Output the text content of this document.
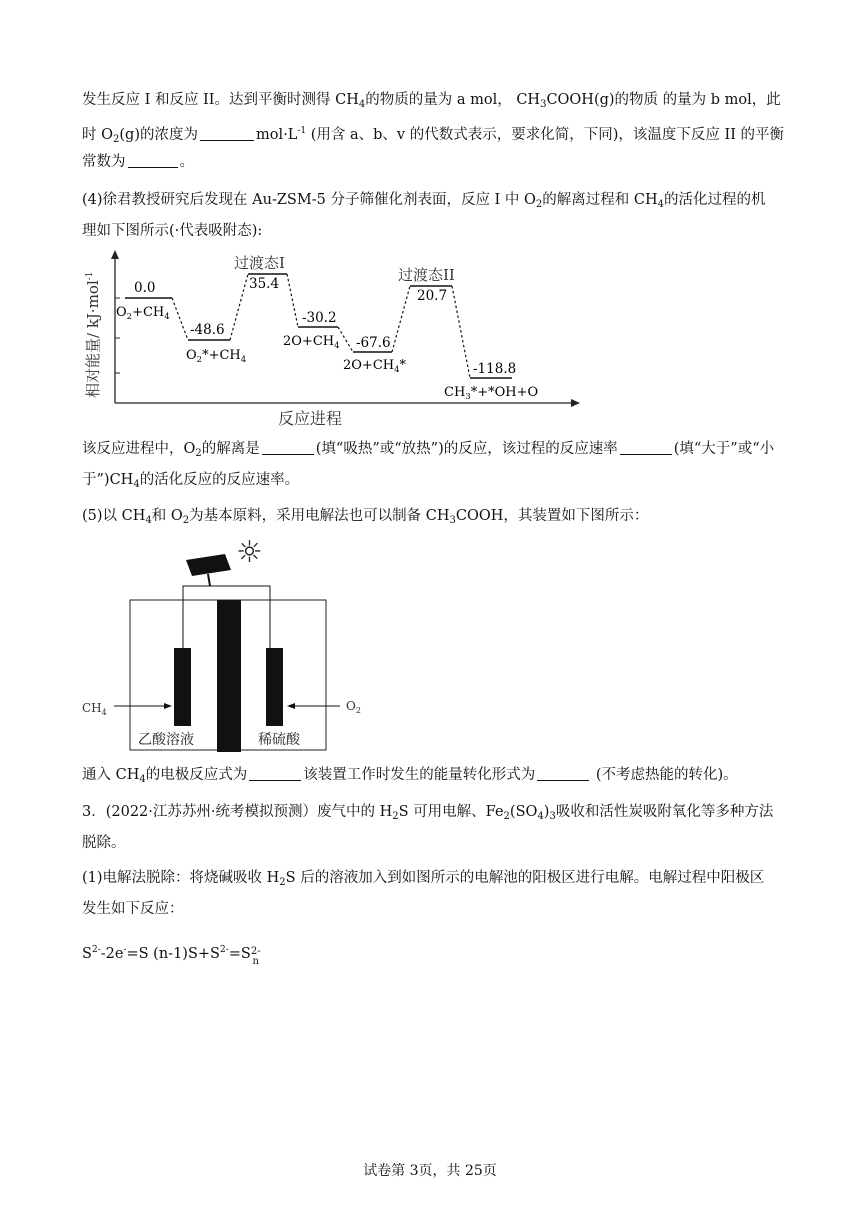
发生反应 I 和反应 II。达到平衡时测得 $CH_4$的物质的量为 a mol， $CH_3COOH(g)$的物质 的量为 b mol，此
时 $O_2(g)$的浓度为	$mol\cdot L^{-1}$ (用含 a、b、v 的代数式表示，要求化简，下同)，该温度下反应 II 的平衡
常数为	。
(4)徐君教授研究后发现在 Au-ZSM-5 分子筛催化剂表面，反应 I 中 $O_2$的解离过程和 $CH_4$的活化过程的机
理如下图所示(·代表吸附态):
相对能量/ kJ·mol$^{-1}$
反应进程
0.0
-48.6
35.4
-30.2
-67.6
20.7
-118.8
$O_2+CH_4$
$O_2*+CH_4$
过渡态I
$2O+CH_4$
$2O+CH_4*$
过渡态II
$CH_3*+*OH+O$
该反应进程中，$O_2$的解离是	(填“吸热”或“放热”)的反应，该过程的反应速率	(填“大于”或“小
于$”)CH_4$的活化反应的反应速率。
(5)以 $CH_4$和 $O_2$为基本原料，采用电解法也可以制备 $CH_3COOH$，其装置如下图所示：
☼
$CH_4$	$O_2$
乙酸溶液	稀硫酸
通入 $CH_4$的电极反应式为	该装置工作时发生的能量转化形式为	(不考虑热能的转化)。
3．(2022·江苏苏州·统考模拟预测）废气中的 $H_2S$ 可用电解、$Fe_2(SO_4)_3$吸收和活性炭吸附氧化等多种方法
脱除。
(1)电解法脱除：将烧碱吸收 $H_2S$ 后的溶液加入到如图所示的电解池的阳极区进行电解。电解过程中阳极区
发生如下反应：
$S^{2-}-2e^-=S$ $(n-1)S+S^{2-}=S2-$
n
试卷第 3页，共 25页
